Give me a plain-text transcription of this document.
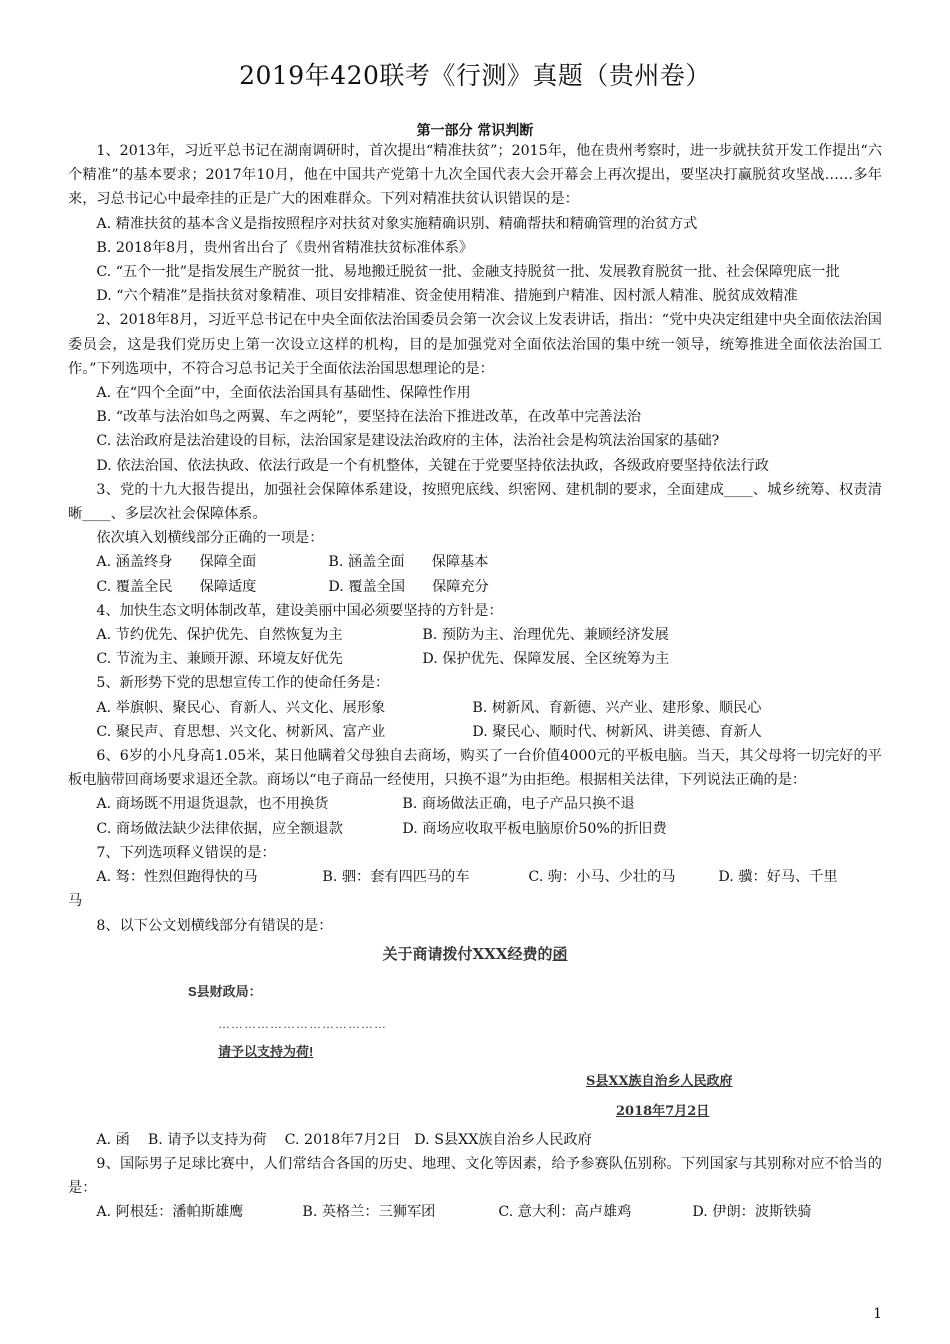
2019年420联考《行测》真题（贵州卷）
第一部分 常识判断

1、2013年，习近平总书记在湖南调研时，首次提出“精准扶贫”；2015年，他在贵州考察时，进一步就扶贫开发工作提出“六个精准”的基本要求；2017年10月，他在中国共产党第十九次全国代表大会开幕会上再次提出，要坚决打赢脱贫攻坚战……多年来，习总书记心中最牵挂的正是广大的困难群众。下列对精准扶贫认识错误的是：

A. 精准扶贫的基本含义是指按照程序对扶贫对象实施精确识别、精确帮扶和精确管理的治贫方式

B. 2018年8月，贵州省出台了《贵州省精准扶贫标准体系》

C. “五个一批”是指发展生产脱贫一批、易地搬迁脱贫一批、金融支持脱贫一批、发展教育脱贫一批、社会保障兜底一批

D. “六个精准”是指扶贫对象精准、项目安排精准、资金使用精准、措施到户精准、因村派人精准、脱贫成效精准

2、2018年8月，习近平总书记在中央全面依法治国委员会第一次会议上发表讲话，指出：“党中央决定组建中央全面依法治国委员会，这是我们党历史上第一次设立这样的机构，目的是加强党对全面依法治国的集中统一领导，统筹推进全面依法治国工作。”下列选项中，不符合习总书记关于全面依法治国思想理论的是：

A. 在“四个全面”中，全面依法治国具有基础性、保障性作用

B. “改革与法治如鸟之两翼、车之两轮”，要坚持在法治下推进改革，在改革中完善法治

C. 法治政府是法治建设的目标，法治国家是建设法治政府的主体，法治社会是构筑法治国家的基础?

D. 依法治国、依法执政、依法行政是一个有机整体，关键在于党要坚持依法执政，各级政府要坚持依法行政

3、党的十九大报告提出，加强社会保障体系建设，按照兜底线、织密网、建机制的要求，全面建成____、城乡统筹、权责清晰____、多层次社会保障体系。

依次填入划横线部分正确的一项是：

A. 涵盖终身      保障全面	B. 涵盖全面      保障基本

C. 覆盖全民      保障适度	D. 覆盖全国      保障充分

4、加快生态文明体制改革，建设美丽中国必须要坚持的方针是：

A. 节约优先、保护优先、自然恢复为主	B. 预防为主、治理优先、兼顾经济发展

C. 节流为主、兼顾开源、环境友好优先	D. 保护优先、保障发展、全区统筹为主

5、新形势下党的思想宣传工作的使命任务是：

A. 举旗帜、聚民心、育新人、兴文化、展形象	B. 树新风、育新德、兴产业、建形象、顺民心

C. 聚民声、育思想、兴文化、树新风、富产业	D. 聚民心、顺时代、树新风、讲美德、育新人

6、6岁的小凡身高1.05米，某日他瞒着父母独自去商场，购买了一台价值4000元的平板电脑。当天，其父母将一切完好的平板电脑带回商场要求退还全款。商场以“电子商品一经使用，只换不退”为由拒绝。根据相关法律，下列说法正确的是：

A. 商场既不用退货退款，也不用换货	B. 商场做法正确，电子产品只换不退

C. 商场做法缺少法律依据，应全额退款	D. 商场应收取平板电脑原价50%的折旧费

7、下列选项释义错误的是：

A. 驽：性烈但跑得快的马	B. 驷：套有四匹马的车	C. 驹：小马、少壮的马	D. 骥：好马、千里

马

8、以下公文划横线部分有错误的是：

关于商请拨付XXX经费的函
S县财政局：
…………………………………
请予以支持为荷!
S县XX族自治乡人民政府
2018年7月2日

A. 函    B. 请予以支持为荷    C. 2018年7月2日   D. S县XX族自治乡人民政府

9、国际男子足球比赛中，人们常结合各国的历史、地理、文化等因素，给予参赛队伍别称。下列国家与其别称对应不恰当的是：

A. 阿根廷：潘帕斯雄鹰	B. 英格兰：三狮军团	C. 意大利：高卢雄鸡	D. 伊朗：波斯铁骑

1
